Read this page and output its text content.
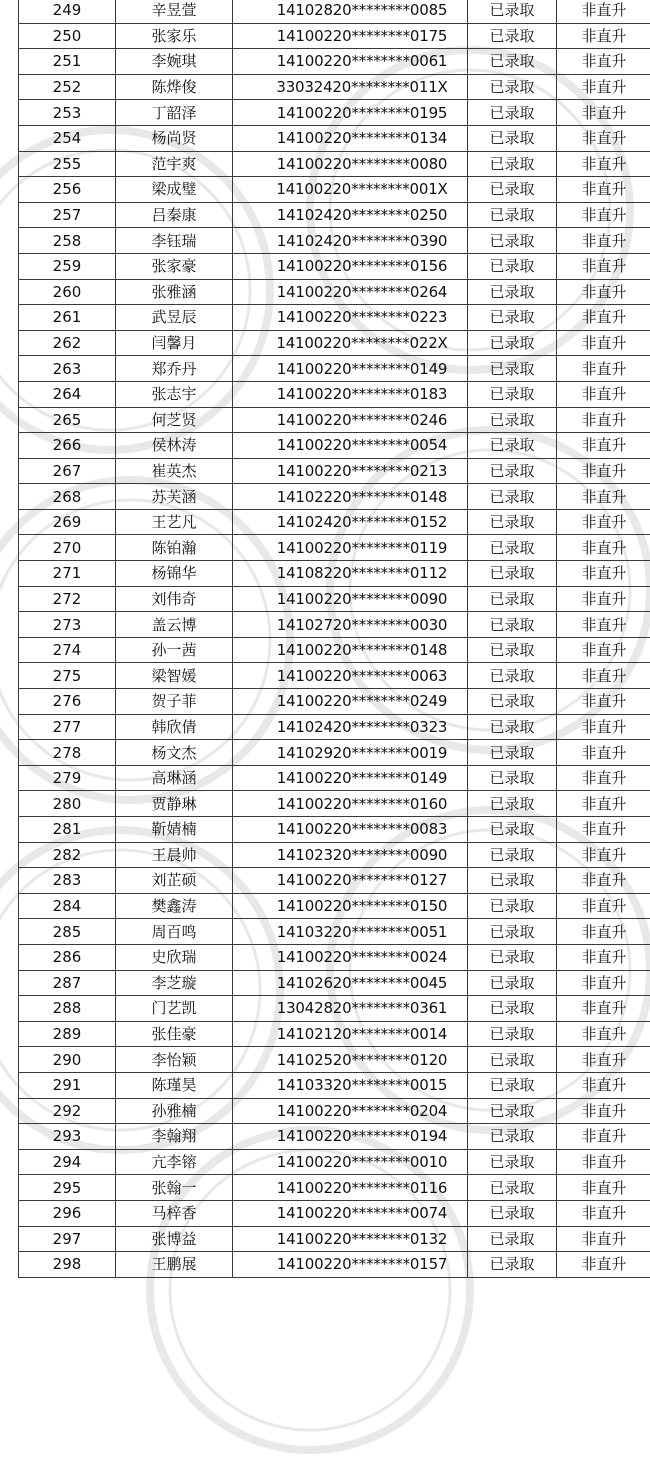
249	辛昱萱	14102820********0085	已录取	非直升
250	张家乐	14100220********0175	已录取	非直升
251	李婉琪	14100220********0061	已录取	非直升
252	陈烨俊	33032420********011X	已录取	非直升
253	丁韶泽	14100220********0195	已录取	非直升
254	杨尚贤	14100220********0134	已录取	非直升
255	范宇爽	14100220********0080	已录取	非直升
256	梁成璧	14100220********001X	已录取	非直升
257	吕秦康	14102420********0250	已录取	非直升
258	李钰瑞	14102420********0390	已录取	非直升
259	张家豪	14100220********0156	已录取	非直升
260	张雅涵	14100220********0264	已录取	非直升
261	武昱辰	14100220********0223	已录取	非直升
262	闫馨月	14100220********022X	已录取	非直升
263	郑乔丹	14100220********0149	已录取	非直升
264	张志宇	14100220********0183	已录取	非直升
265	何芝贤	14100220********0246	已录取	非直升
266	侯林涛	14100220********0054	已录取	非直升
267	崔英杰	14100220********0213	已录取	非直升
268	苏芙涵	14102220********0148	已录取	非直升
269	王艺凡	14102420********0152	已录取	非直升
270	陈铂瀚	14100220********0119	已录取	非直升
271	杨锦华	14108220********0112	已录取	非直升
272	刘伟奇	14100220********0090	已录取	非直升
273	盖云博	14102720********0030	已录取	非直升
274	孙一茜	14100220********0148	已录取	非直升
275	梁智媛	14100220********0063	已录取	非直升
276	贺子菲	14100220********0249	已录取	非直升
277	韩欣倩	14102420********0323	已录取	非直升
278	杨文杰	14102920********0019	已录取	非直升
279	高琳涵	14100220********0149	已录取	非直升
280	贾静琳	14100220********0160	已录取	非直升
281	靳婧楠	14100220********0083	已录取	非直升
282	王晨帅	14102320********0090	已录取	非直升
283	刘芷硕	14100220********0127	已录取	非直升
284	樊鑫涛	14100220********0150	已录取	非直升
285	周百鸣	14103220********0051	已录取	非直升
286	史欣瑞	14100220********0024	已录取	非直升
287	李芝璇	14102620********0045	已录取	非直升
288	门艺凯	13042820********0361	已录取	非直升
289	张佳豪	14102120********0014	已录取	非直升
290	李怡颖	14102520********0120	已录取	非直升
291	陈瑾昊	14103320********0015	已录取	非直升
292	孙雅楠	14100220********0204	已录取	非直升
293	李翰翔	14100220********0194	已录取	非直升
294	亢李镕	14100220********0010	已录取	非直升
295	张翰一	14100220********0116	已录取	非直升
296	马梓香	14100220********0074	已录取	非直升
297	张博益	14100220********0132	已录取	非直升
298	王鹏展	14100220********0157	已录取	非直升
